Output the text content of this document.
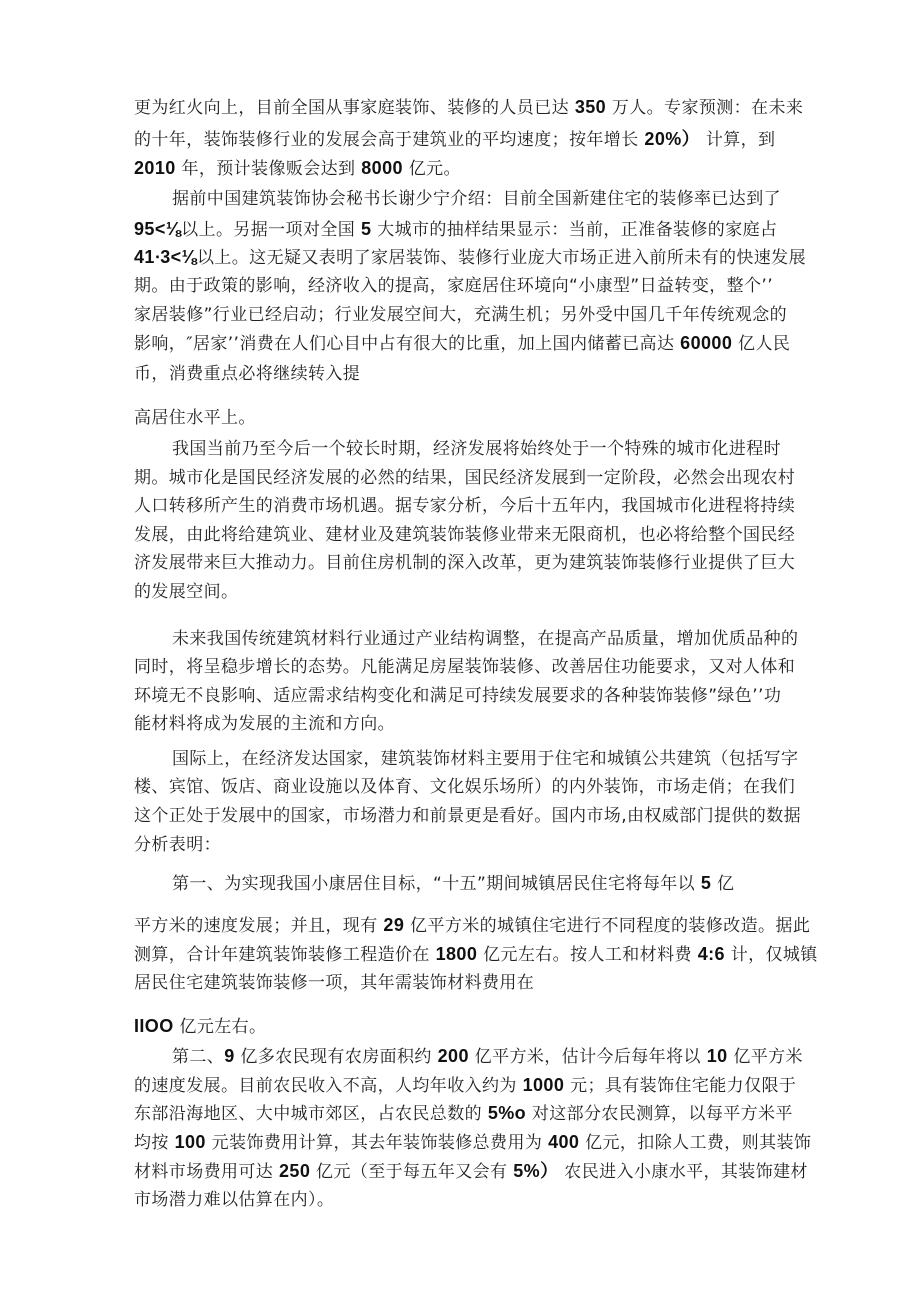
更为红火向上，目前全国从事家庭装饰、装修的人员已达 350 万人。专家预测：在未来
的十年，装饰装修行业的发展会高于建筑业的平均速度；按年增长 20%） 计算，到
2010 年，预计装像贩会达到 8000 亿元。
据前中国建筑装饰协会秘书长谢少宁介绍：目前全国新建住宅的装修率已达到了
95<⅛以上。另据一项对全国 5 大城市的抽样结果显示：当前，正准备装修的家庭占
41∙3<⅛以上。这无疑又表明了家居装饰、装修行业庞大市场正进入前所未有的快速发展
期。由于政策的影响，经济收入的提高，家庭居住环境向“小康型”日益转变，整个’’
家居装修”行业已经启动；行业发展空间大，充满生机；另外受中国几千年传统观念的
影响，″居家’’消费在人们心目中占有很大的比重，加上国内储蓄已高达 60000 亿人民
币，消费重点必将继续转入提
高居住水平上。
我国当前乃至今后一个较长时期，经济发展将始终处于一个特殊的城市化进程时
期。城市化是国民经济发展的必然的结果，国民经济发展到一定阶段，必然会出现农村
人口转移所产生的消费市场机遇。据专家分析，今后十五年内，我国城市化进程将持续
发展，由此将给建筑业、建材业及建筑装饰装修业带来无限商机，也必将给整个国民经
济发展带来巨大推动力。目前住房机制的深入改革，更为建筑装饰装修行业提供了巨大
的发展空间。
未来我国传统建筑材料行业通过产业结构调整，在提高产品质量，增加优质品种的
同时，将呈稳步增长的态势。凡能满足房屋装饰装修、改善居住功能要求，又对人体和
环境无不良影响、适应需求结构变化和满足可持续发展要求的各种装饰装修”绿色’’功
能材料将成为发展的主流和方向。
国际上，在经济发达国家，建筑装饰材料主要用于住宅和城镇公共建筑（包括写字
楼、宾馆、饭店、商业设施以及体育、文化娱乐场所）的内外装饰，市场走俏；在我们
这个正处于发展中的国家，市场潜力和前景更是看好。国内市场,由权威部门提供的数据
分析表明：
第一、为实现我国小康居住目标，“十五”期间城镇居民住宅将每年以 5 亿
平方米的速度发展；并且，现有 29 亿平方米的城镇住宅进行不同程度的装修改造。据此
测算，合计年建筑装饰装修工程造价在 1800 亿元左右。按人工和材料费 4:6 计，仅城镇
居民住宅建筑装饰装修一项，其年需装饰材料费用在
IIOO 亿元左右。
第二、9 亿多农民现有农房面积约 200 亿平方米，估计今后每年将以 10 亿平方米
的速度发展。目前农民收入不高，人均年收入约为 1000 元；具有装饰住宅能力仅限于
东部沿海地区、大中城市郊区，占农民总数的 5%o 对这部分农民测算，以每平方米平
均按 100 元装饰费用计算，其去年装饰装修总费用为 400 亿元，扣除人工费，则其装饰
材料市场费用可达 250 亿元（至于每五年又会有 5%） 农民进入小康水平，其装饰建材
市场潜力难以估算在内）。
